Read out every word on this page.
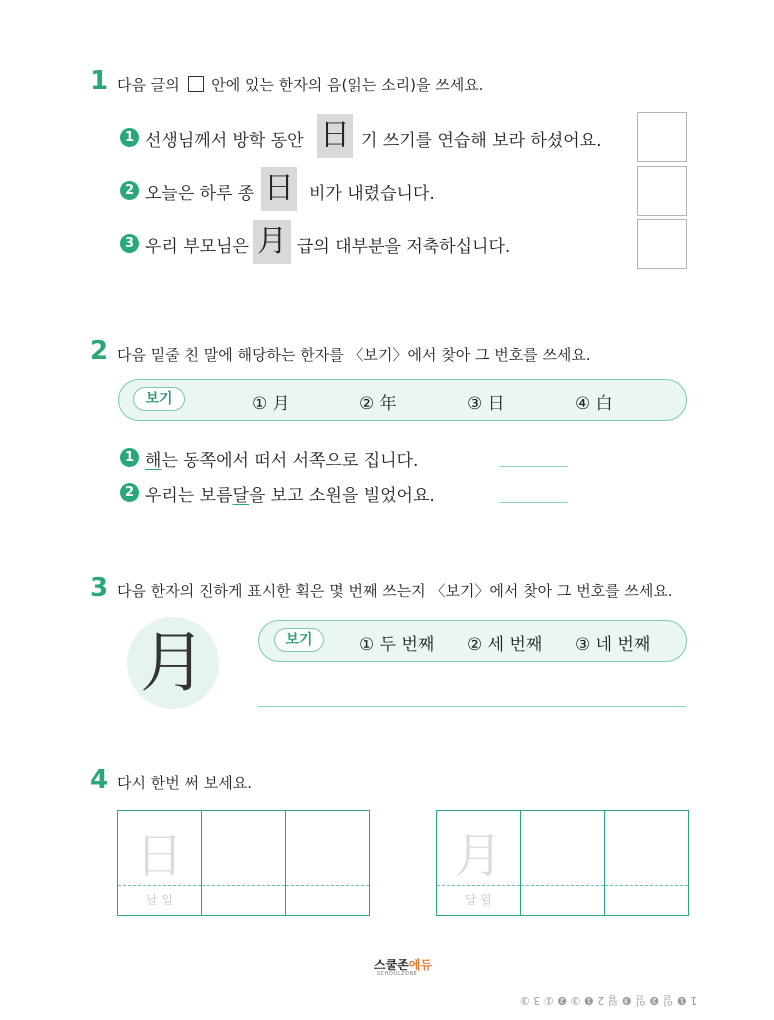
1 다음 글의 안에 있는 한자의 음(읽는 소리)을 쓰세요.
1 선생님께서 방학 동안 日 기 쓰기를 연습해 보라 하셨어요.
2 오늘은 하루 종 日 비가 내렸습니다.
3 우리 부모님은 月 급의 대부분을 저축하십니다.
2 다음 밑줄 친 말에 해당하는 한자를 〈보기〉에서 찾아 그 번호를 쓰세요.
보기	① 月	② 年	③ 日	④ 白
1 해는 동쪽에서 떠서 서쪽으로 집니다.
2 우리는 보름달을 보고 소원을 빌었어요.
3 다음 한자의 진하게 표시한 획은 몇 번째 쓰는지 〈보기〉에서 찾아 그 번호를 쓰세요.
月	보기	① 두 번째 ② 세 번째 ③ 네 번째
4 다시 한번 써 보세요.
日
날 일
月
달 월
스쿨존에듀
SCHOOLZONE
1 ❶ 일 ❷ 일 ❸ 월 2 ❶ ③ ❷ ① 3 ③
